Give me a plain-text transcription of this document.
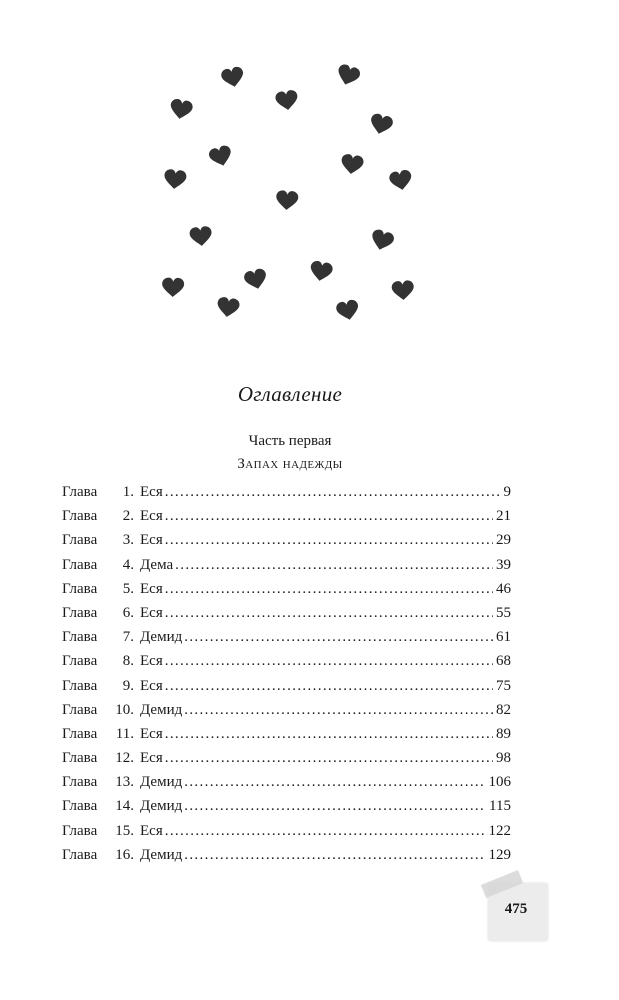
Оглавление
Часть первая
Запах надежды
Глава	1. Еся . . .	9
Глава	2. Еся . . .	21
Глава	3. Еся . . .	29
Глава	4. Дема . . .	39
Глава	5. Еся . . .	46
Глава	6. Еся . . .	55
Глава	7. Демид . . .	61
Глава	8. Еся . . .	68
Глава	9. Еся . . .	75
Глава	10. Демид . . .	82
Глава	11. Еся . . .	89
Глава	12. Еся . . .	98
Глава	13. Демид . . .	106
Глава	14. Демид . . .	115
Глава	15. Еся . . .	122
Глава	16. Демид . . .	129
475
